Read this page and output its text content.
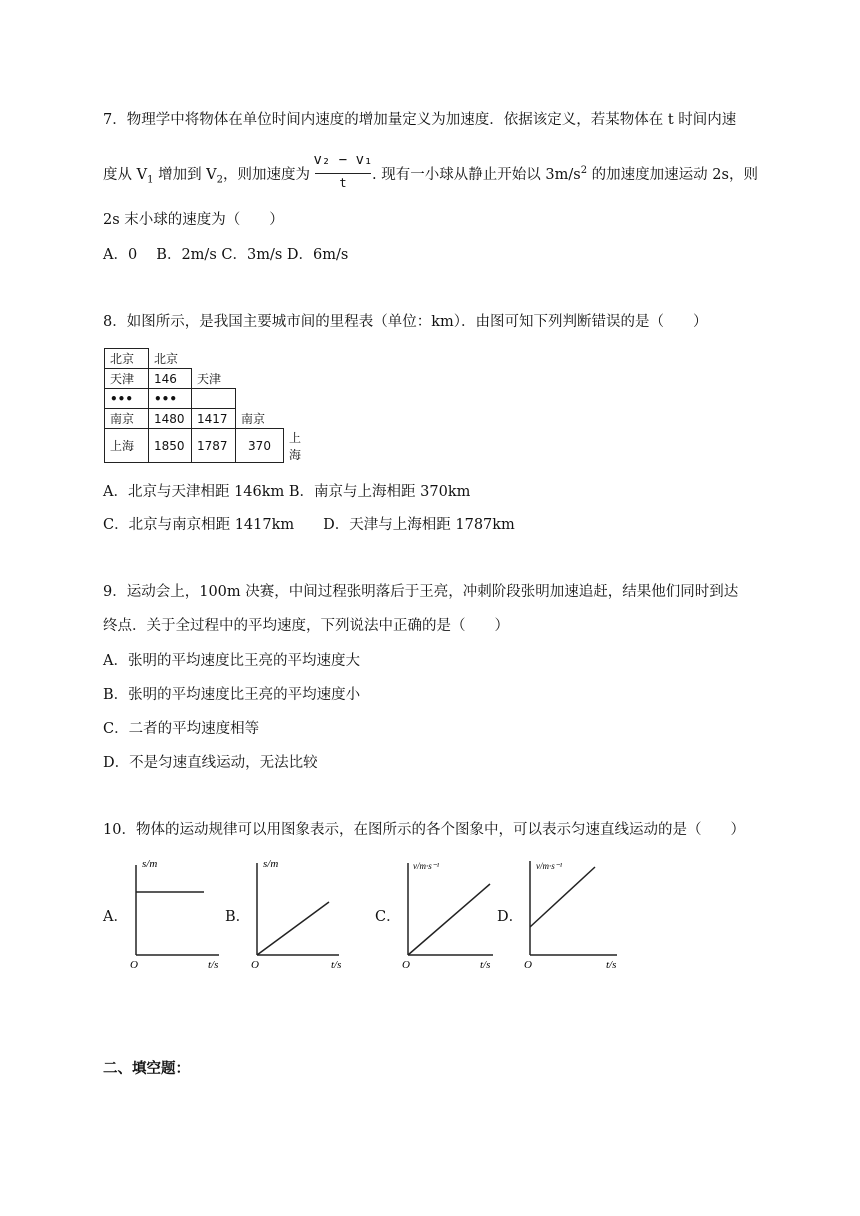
7．物理学中将物体在单位时间内速度的增加量定义为加速度．依据该定义，若某物体在 t 时间内速
度从 $V_1$ 增加到 $V_2$，则加速度为	. 现有一小球从静止开始以 $3m/s^2$ 的加速度加速运动 2s，则
v₂ − v₁
t
2s 末小球的速度为（　　）
A．0　 B．2m/s C．3m/s D．6m/s
8．如图所示，是我国主要城市间的里程表（单位：km）．由图可知下列判断错误的是（　　）
北京	北京			
天津	146	天津		
•••	•••			
南京	1480	1417	南京	
上海	1850	1787	370	上海
A．北京与天津相距 146km B．南京与上海相距 370km
C．北京与南京相距 1417km　　D．天津与上海相距 1787km
9．运动会上，100m 决赛，中间过程张明落后于王亮，冲刺阶段张明加速追赶，结果他们同时到达
终点．关于全过程中的平均速度，下列说法中正确的是（　　）
A．张明的平均速度比王亮的平均速度大
B．张明的平均速度比王亮的平均速度小
C．二者的平均速度相等
D．不是匀速直线运动，无法比较
10．物体的运动规律可以用图象表示，在图所示的各个图象中，可以表示匀速直线运动的是（　　）
A．
s/m
t/s
O
B．
s/m
t/s
O
C．
v/m·s⁻¹
t/s
O
D．
v/m·s⁻¹
t/s
O
二、填空题：
